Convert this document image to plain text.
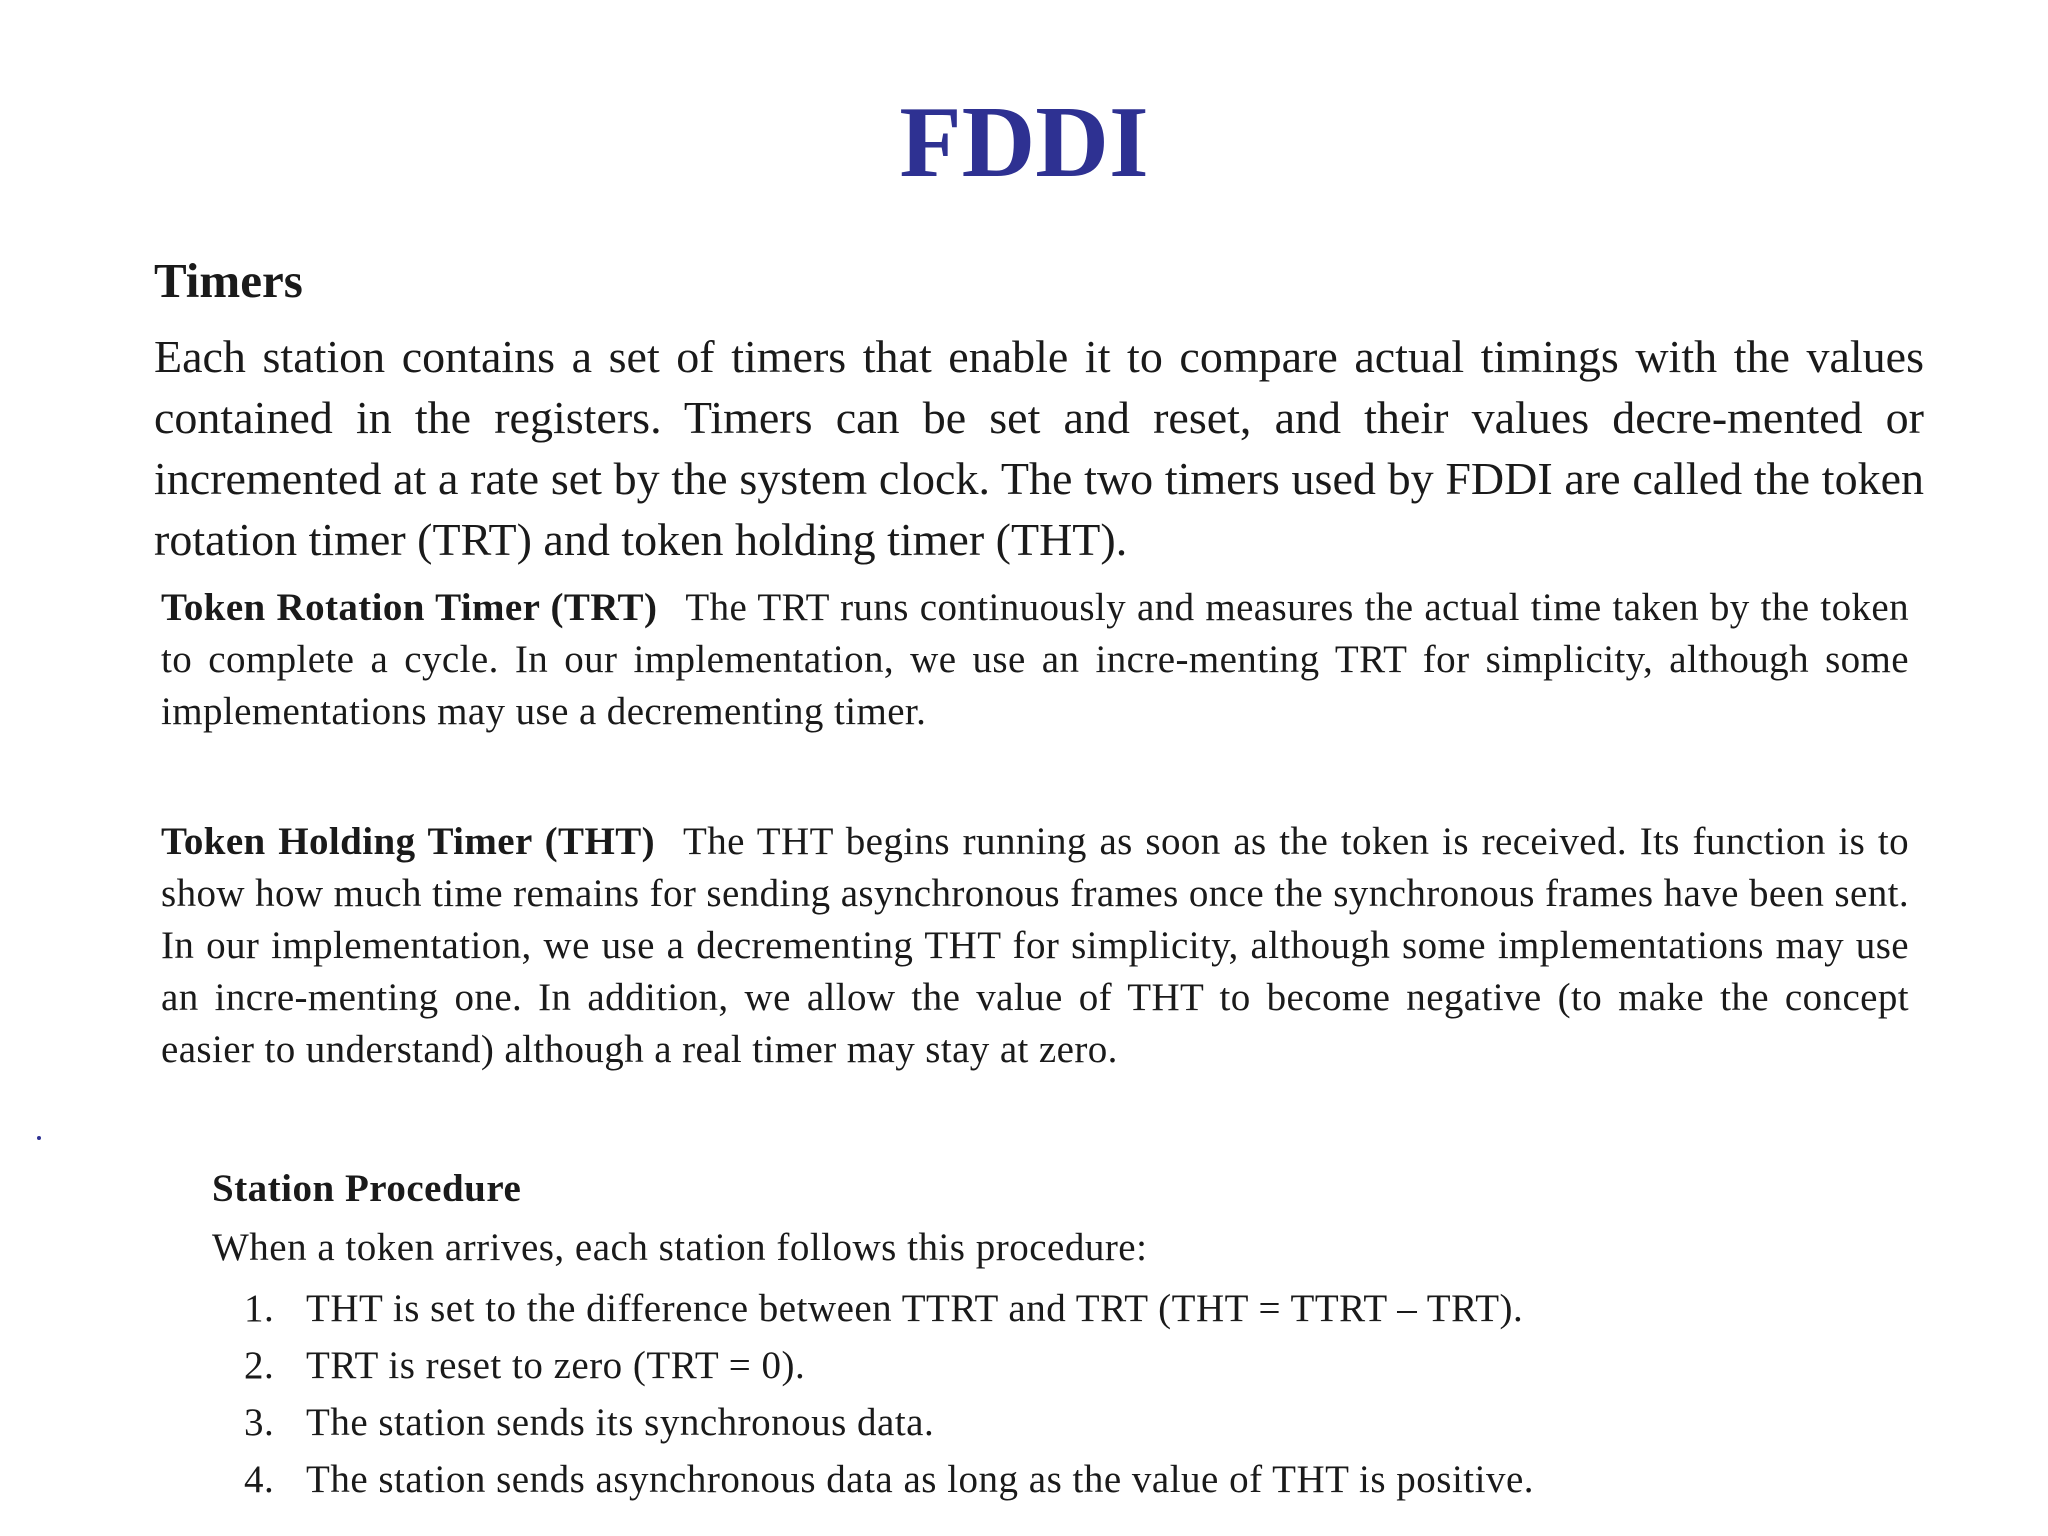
FDDI
Timers

Each station contains a set of timers that enable it to compare actual timings with the values contained in the registers. Timers can be set and reset, and their values decre-mented or incremented at a rate set by the system clock. The two timers used by FDDI are called the token rotation timer (TRT) and token holding timer (THT).

Token Rotation Timer (TRT) The TRT runs continuously and measures the actual time taken by the token to complete a cycle. In our implementation, we use an incre-menting TRT for simplicity, although some implementations may use a decrementing timer.

Token Holding Timer (THT) The THT begins running as soon as the token is received. Its function is to show how much time remains for sending asynchronous frames once the synchronous frames have been sent. In our implementation, we use a decrementing THT for simplicity, although some implementations may use an incre-menting one. In addition, we allow the value of THT to become negative (to make the concept easier to understand) although a real timer may stay at zero.

Station Procedure

When a token arrives, each station follows this procedure:

1. THT is set to the difference between TTRT and TRT (THT = TTRT – TRT).
2. TRT is reset to zero (TRT = 0).
3. The station sends its synchronous data.
4. The station sends asynchronous data as long as the value of THT is positive.
